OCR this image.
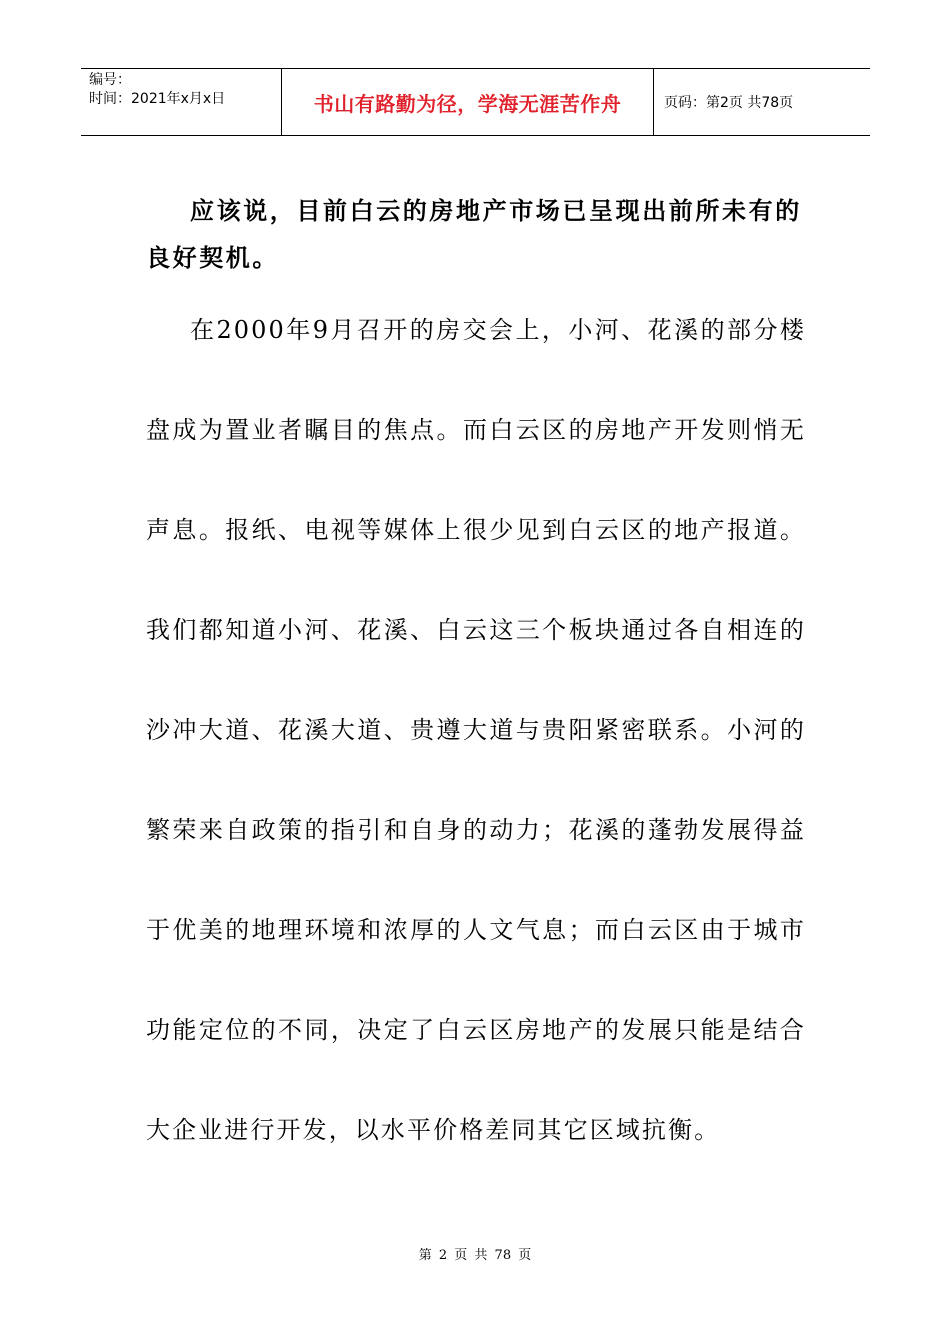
编号：
时间：2021年x月x日	书山有路勤为径，学海无涯苦作舟	页码：第2页 共78页
应该说，目前白云的房地产市场已呈现出前所未有的良好契机。
在2000年9月召开的房交会上，小河、花溪的部分楼盘成为置业者瞩目的焦点。而白云区的房地产开发则悄无声息。报纸、电视等媒体上很少见到白云区的地产报道。我们都知道小河、花溪、白云这三个板块通过各自相连的沙冲大道、花溪大道、贵遵大道与贵阳紧密联系。小河的繁荣来自政策的指引和自身的动力；花溪的蓬勃发展得益于优美的地理环境和浓厚的人文气息；而白云区由于城市功能定位的不同，决定了白云区房地产的发展只能是结合大企业进行开发，以水平价格差同其它区域抗衡。
第 2 页 共 78 页
